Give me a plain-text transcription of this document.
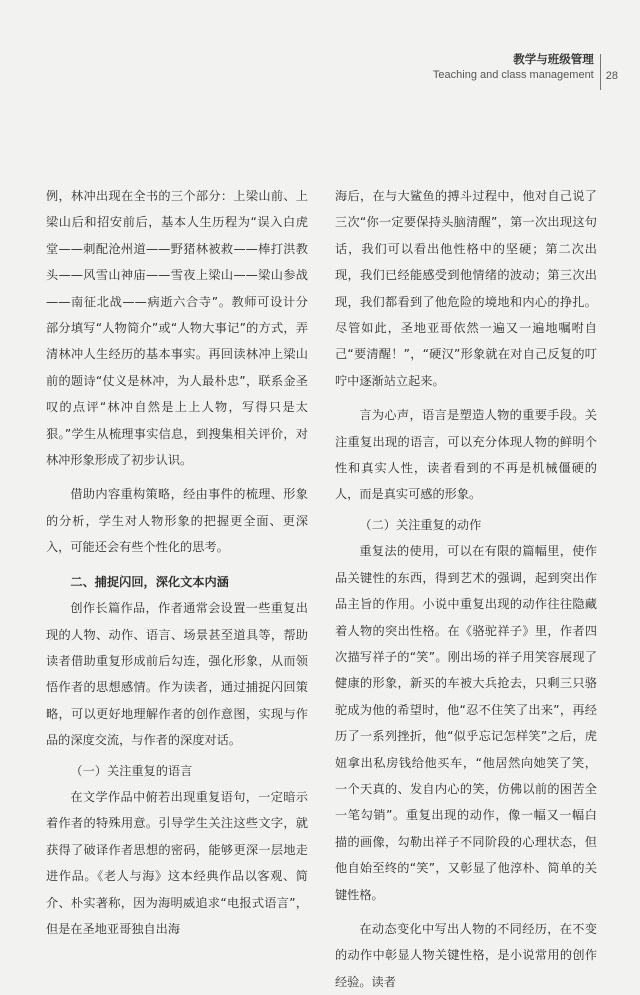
教学与班级管理
Teaching and class management	28

例，林冲出现在全书的三个部分：上梁山前、上梁山后和招安前后，基本人生历程为“误入白虎堂——刺配沧州道——野猪林被救——棒打洪教头——风雪山神庙——雪夜上梁山——梁山参战——南征北战——病逝六合寺”。教师可设计分部分填写“人物简介”或“人物大事记”的方式，弄清林冲人生经历的基本事实。再回读林冲上梁山前的题诗“仗义是林冲，为人最朴忠”，联系金圣叹的点评“林冲自然是上上人物，写得只是太狠。”学生从梳理事实信息，到搜集相关评价，对林冲形象形成了初步认识。

借助内容重构策略，经由事件的梳理、形象的分析，学生对人物形象的把握更全面、更深入，可能还会有些个性化的思考。

二、捕捉闪回，深化文本内涵

创作长篇作品，作者通常会设置一些重复出现的人物、动作、语言、场景甚至道具等，帮助读者借助重复形成前后勾连，强化形象，从而领悟作者的思想感情。作为读者，通过捕捉闪回策略，可以更好地理解作者的创作意图，实现与作品的深度交流，与作者的深度对话。

（一）关注重复的语言

在文学作品中俯若出现重复语句，一定暗示着作者的特殊用意。引导学生关注这些文字，就获得了破译作者思想的密码，能够更深一层地走进作品。《老人与海》这本经典作品以客观、简介、朴实著称，因为海明威追求“电报式语言”，但是在圣地亚哥独自出海

海后，在与大鲨鱼的搏斗过程中，他对自己说了三次“你一定要保持头脑清醒”，第一次出现这句话，我们可以看出他性格中的坚硬；第二次出现，我们已经能感受到他情绪的波动；第三次出现，我们都看到了他危险的境地和内心的挣扎。尽管如此，圣地亚哥依然一遍又一遍地嘱咐自己“要清醒！”，“硬汉”形象就在对自己反复的叮咛中逐渐站立起来。

言为心声，语言是塑造人物的重要手段。关注重复出现的语言，可以充分体现人物的鲜明个性和真实人性，读者看到的不再是机械僵硬的人，而是真实可感的形象。

（二）关注重复的动作

重复法的使用，可以在有限的篇幅里，使作品关键性的东西，得到艺术的强调，起到突出作品主旨的作用。小说中重复出现的动作往往隐藏着人物的突出性格。在《骆驼祥子》里，作者四次描写祥子的“笑”。刚出场的祥子用笑容展现了健康的形象，新买的车被大兵抢去，只剩三只骆驼成为他的希望时，他“忍不住笑了出来”，再经历了一系列挫折，他“似乎忘记怎样笑”之后，虎妞拿出私房钱给他买车，“他居然向她笑了笑，一个天真的、发自内心的笑，仿佛以前的困苦全一笔勾销”。重复出现的动作，像一幅又一幅白描的画像，勾勒出祥子不同阶段的心理状态，但他自始至终的“笑”，又彰显了他淳朴、简单的关键性格。

在动态变化中写出人物的不同经历，在不变的动作中彰显人物关键性格，是小说常用的创作经验。读者
